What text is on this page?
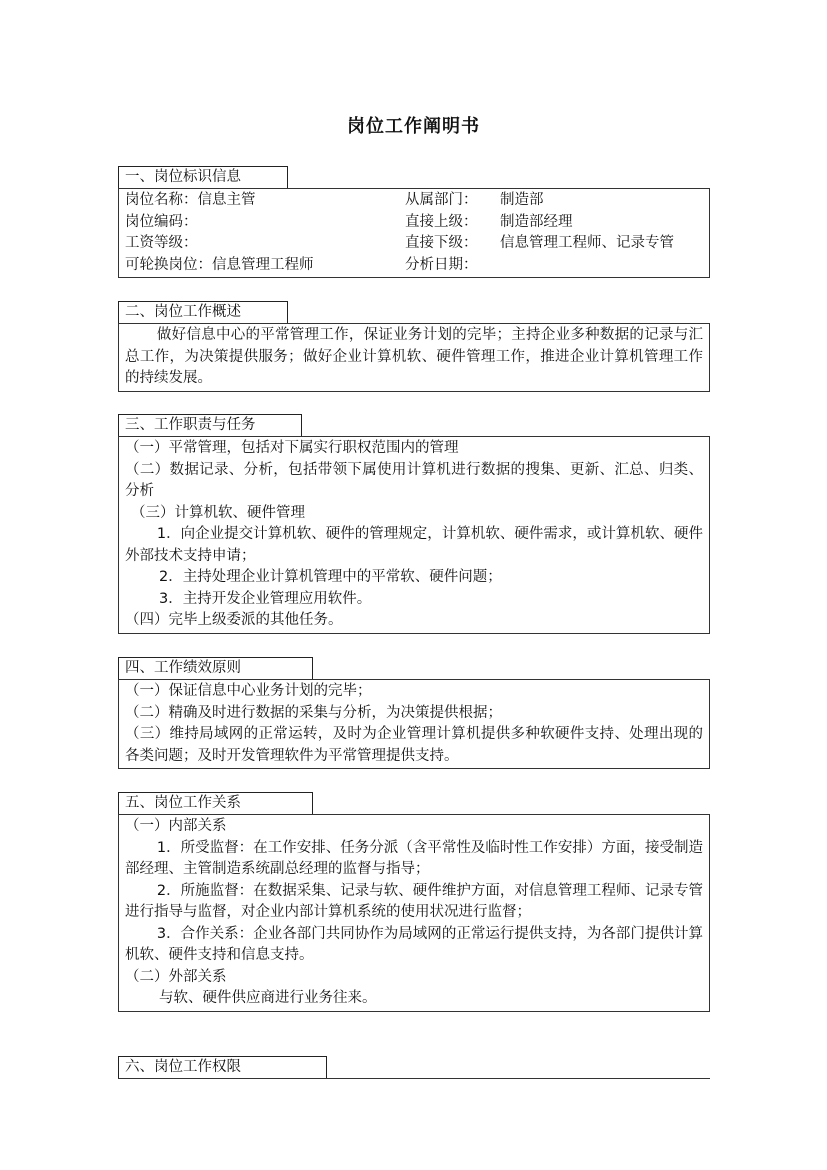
岗位工作阐明书
一、岗位标识信息
岗位名称：信息主管	从属部门： 制造部
岗位编码：	直接上级： 制造部经理
工资等级：	直接下级： 信息管理工程师、记录专管
可轮换岗位：信息管理工程师	分析日期：
二、岗位工作概述
做好信息中心的平常管理工作，保证业务计划的完毕；主持企业多种数据的记录与汇总工作，为决策提供服务；做好企业计算机软、硬件管理工作，推进企业计算机管理工作的持续发展。
三、工作职责与任务
（一）平常管理，包括对下属实行职权范围内的管理
（二）数据记录、分析，包括带领下属使用计算机进行数据的搜集、更新、汇总、归类、分析
（三）计算机软、硬件管理
1．向企业提交计算机软、硬件的管理规定，计算机软、硬件需求，或计算机软、硬件外部技术支持申请；
2．主持处理企业计算机管理中的平常软、硬件问题；
3．主持开发企业管理应用软件。
（四）完毕上级委派的其他任务。
四、工作绩效原则
（一）保证信息中心业务计划的完毕；
（二）精确及时进行数据的采集与分析，为决策提供根据；
（三）维持局域网的正常运转，及时为企业管理计算机提供多种软硬件支持、处理出现的各类问题；及时开发管理软件为平常管理提供支持。
五、岗位工作关系
（一）内部关系
1．所受监督：在工作安排、任务分派（含平常性及临时性工作安排）方面，接受制造部经理、主管制造系统副总经理的监督与指导；
2．所施监督：在数据采集、记录与软、硬件维护方面，对信息管理工程师、记录专管进行指导与监督，对企业内部计算机系统的使用状况进行监督；
3．合作关系：企业各部门共同协作为局域网的正常运行提供支持，为各部门提供计算机软、硬件支持和信息支持。
（二）外部关系
与软、硬件供应商进行业务往来。
六、岗位工作权限
